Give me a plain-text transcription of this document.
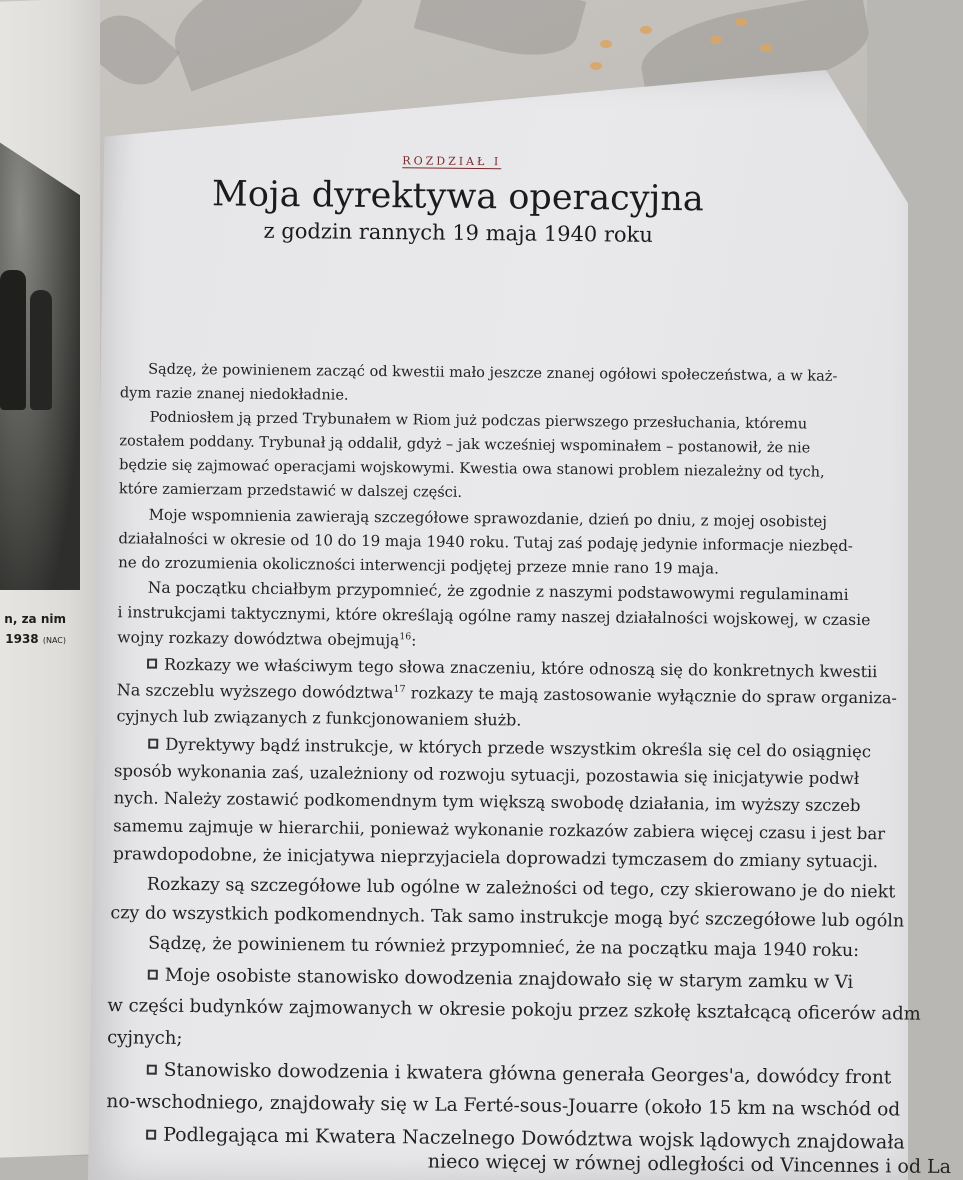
n, za nim
1938 (NAC)
ROZDZIAŁ I
Moja dyrektywa operacyjna
z godzin rannych 19 maja 1940 roku
Sądzę, że powinienem zacząć od kwestii mało jeszcze znanej ogółowi społeczeństwa, a w każ-
dym razie znanej niedokładnie.
Podniosłem ją przed Trybunałem w Riom już podczas pierwszego przesłuchania, któremu
zostałem poddany. Trybunał ją oddalił, gdyż – jak wcześniej wspominałem – postanowił, że nie
będzie się zajmować operacjami wojskowymi. Kwestia owa stanowi problem niezależny od tych,
które zamierzam przedstawić w dalszej części.
Moje wspomnienia zawierają szczegółowe sprawozdanie, dzień po dniu, z mojej osobistej
działalności w okresie od 10 do 19 maja 1940 roku. Tutaj zaś podaję jedynie informacje niezbęd-
ne do zrozumienia okoliczności interwencji podjętej przeze mnie rano 19 maja.
Na początku chciałbym przypomnieć, że zgodnie z naszymi podstawowymi regulaminami
i instrukcjami taktycznymi, które określają ogólne ramy naszej działalności wojskowej, w czasie
wojny rozkazy dowództwa obejmują$^{16}$:
Rozkazy we właściwym tego słowa znaczeniu, które odnoszą się do konkretnych kwestii
Na szczeblu wyższego dowództwa$^{17}$ rozkazy te mają zastosowanie wyłącznie do spraw organiza-
cyjnych lub związanych z funkcjonowaniem służb.
Dyrektywy bądź instrukcje, w których przede wszystkim określa się cel do osiągnięc
sposób wykonania zaś, uzależniony od rozwoju sytuacji, pozostawia się inicjatywie podwł
nych. Należy zostawić podkomendnym tym większą swobodę działania, im wyższy szczeb
samemu zajmuje w hierarchii, ponieważ wykonanie rozkazów zabiera więcej czasu i jest bar
prawdopodobne, że inicjatywa nieprzyjaciela doprowadzi tymczasem do zmiany sytuacji.
Rozkazy są szczegółowe lub ogólne w zależności od tego, czy skierowano je do niekt
czy do wszystkich podkomendnych. Tak samo instrukcje mogą być szczegółowe lub ogóln
Sądzę, że powinienem tu również przypomnieć, że na początku maja 1940 roku:
Moje osobiste stanowisko dowodzenia znajdowało się w starym zamku w Vi
w części budynków zajmowanych w okresie pokoju przez szkołę kształcącą oficerów adm
cyjnych;
Stanowisko dowodzenia i kwatera główna generała Georges'a, dowódcy front
no-wschodniego, znajdowały się w La Ferté-sous-Jouarre (około 15 km na wschód od
Podlegająca mi Kwatera Naczelnego Dowództwa wojsk lądowych znajdowała
nieco więcej w równej odległości od Vincennes i od La
